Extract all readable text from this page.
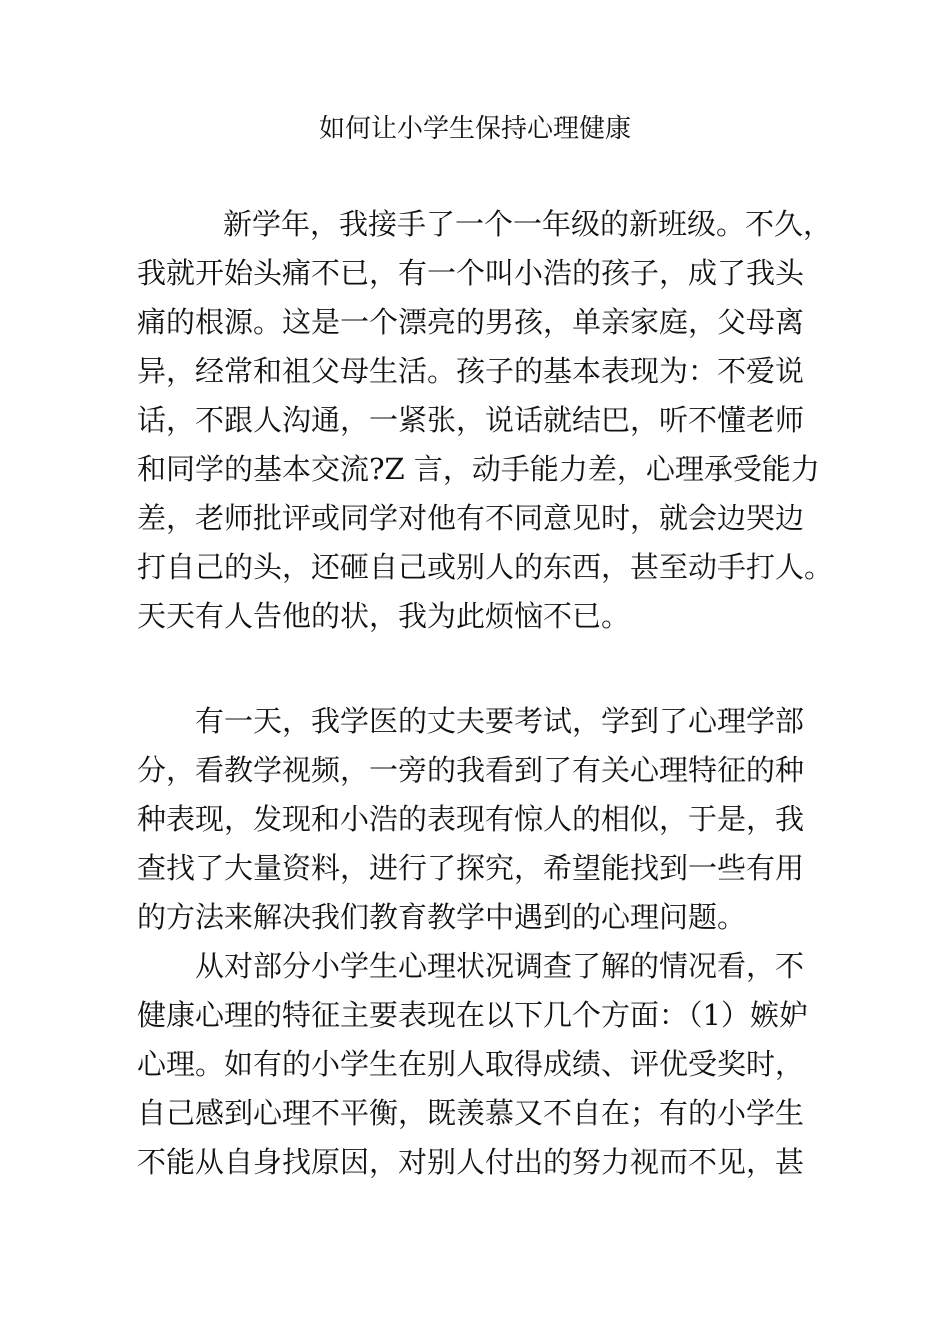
如何让小学生保持心理健康
新学年，我接手了一个一年级的新班级。不久，
我就开始头痛不已，有一个叫小浩的孩子，成了我头
痛的根源。这是一个漂亮的男孩，单亲家庭，父母离
异，经常和祖父母生活。孩子的基本表现为：不爱说
话，不跟人沟通，一紧张，说话就结巴，听不懂老师
和同学的基本交流?Z 言，动手能力差，心理承受能力
差，老师批评或同学对他有不同意见时，就会边哭边
打自己的头，还砸自己或别人的东西，甚至动手打人。
天天有人告他的状，我为此烦恼不已。
有一天，我学医的丈夫要考试，学到了心理学部
分，看教学视频，一旁的我看到了有关心理特征的种
种表现，发现和小浩的表现有惊人的相似，于是，我
查找了大量资料，进行了探究，希望能找到一些有用
的方法来解决我们教育教学中遇到的心理问题。
从对部分小学生心理状况调查了解的情况看，不
健康心理的特征主要表现在以下几个方面：（1）嫉妒
心理。如有的小学生在别人取得成绩、评优受奖时，
自己感到心理不平衡，既羡慕又不自在；有的小学生
不能从自身找原因，对别人付出的努力视而不见，甚
